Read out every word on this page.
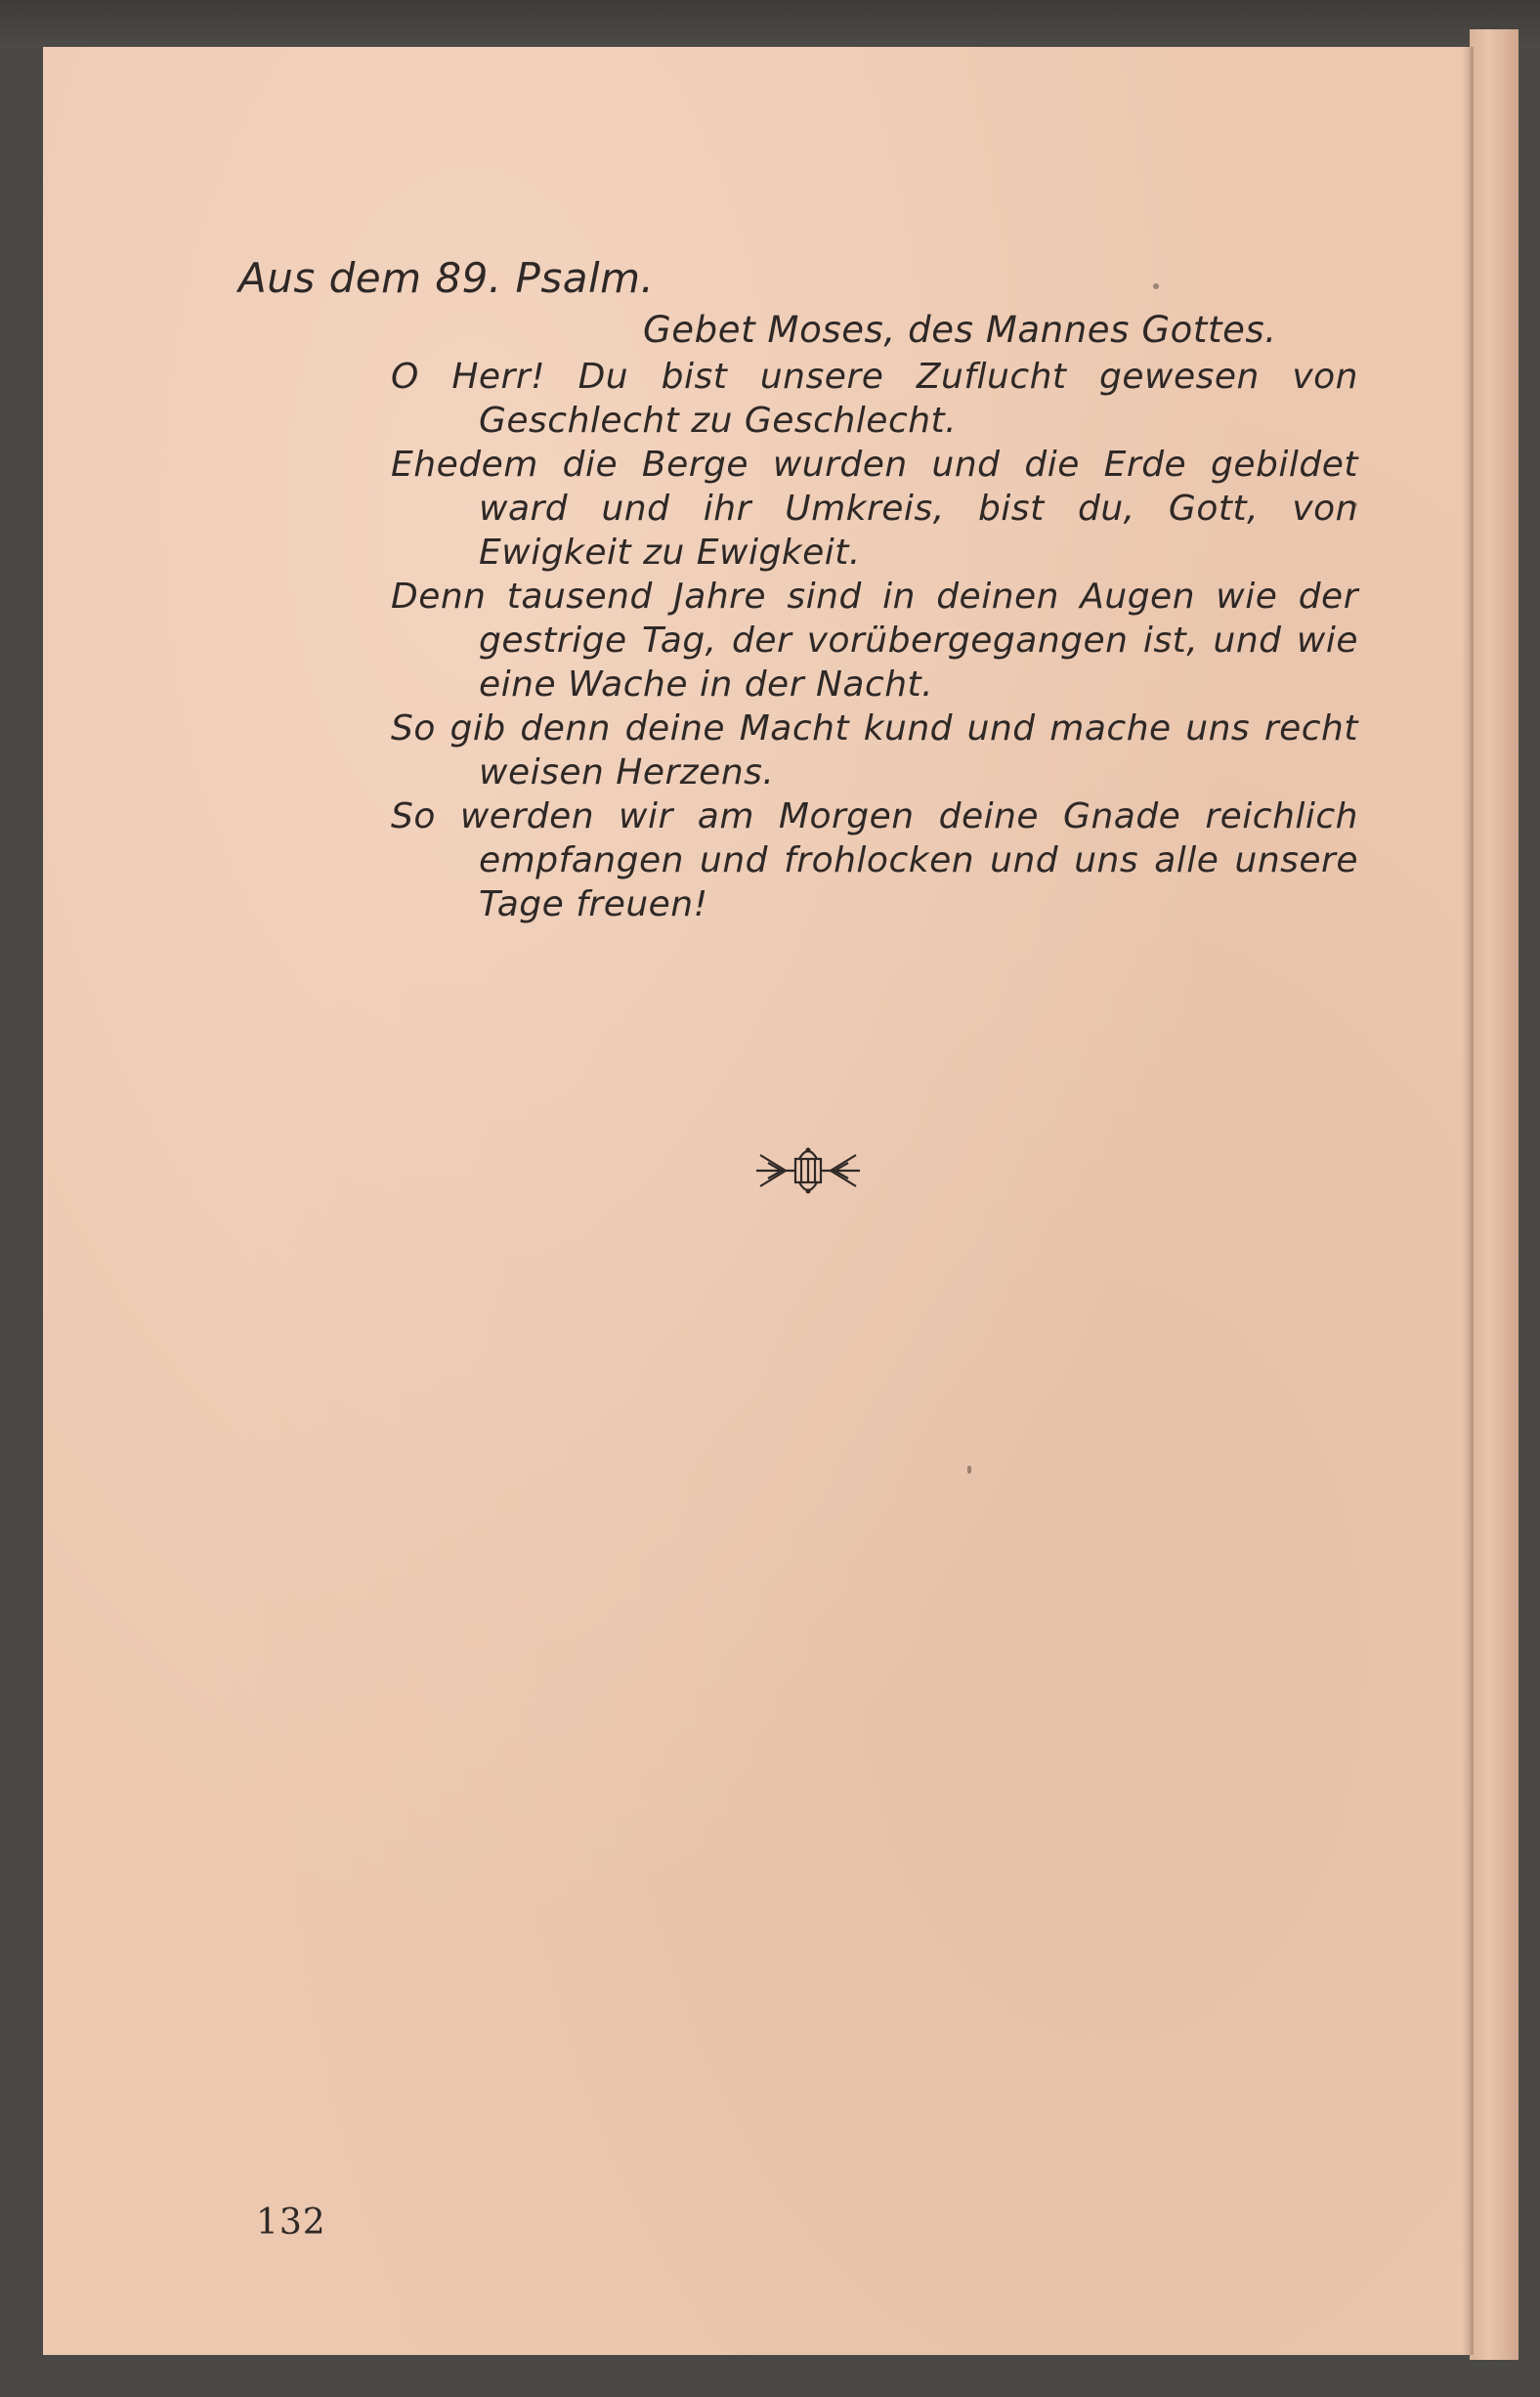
Aus dem 89. Psalm.
Gebet Moses, des Mannes Gottes.

O Herr! Du bist unsere Zuflucht gewesen von Geschlecht zu Geschlecht.

Ehedem die Berge wurden und die Erde gebildet ward und ihr Umkreis, bist du, Gott, von Ewigkeit zu Ewigkeit.

Denn tausend Jahre sind in deinen Augen wie der gestrige Tag, der vorübergegangen ist, und wie eine Wache in der Nacht.

So gib denn deine Macht kund und mache uns recht weisen Herzens.

So werden wir am Morgen deine Gnade reichlich empfangen und frohlocken und uns alle unsere Tage freuen!

132
